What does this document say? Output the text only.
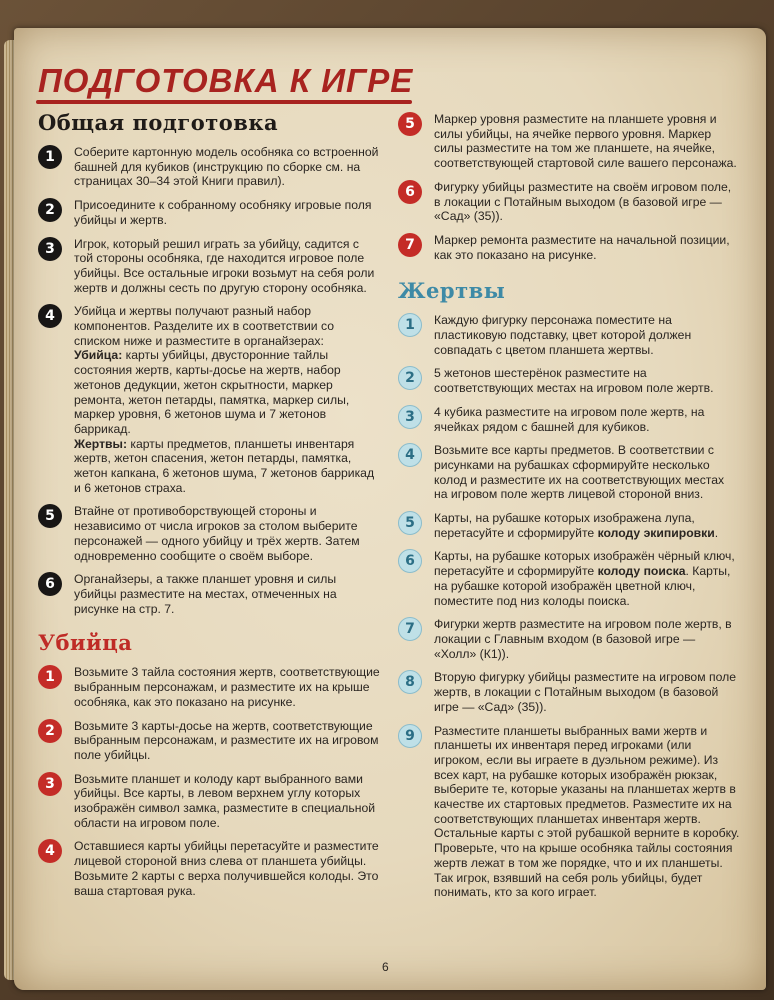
ПОДГОТОВКА К ИГРЕ
Общая подготовка
1	Соберите картонную модель особняка со встроенной башней для кубиков (инструкцию по сборке см. на страницах 30–34 этой Книги правил).

2	Присоедините к собранному особняку игровые поля убийцы и жертв.

3	Игрок, который решил играть за убийцу, садится с той стороны особняка, где находится игровое поле убийцы. Все остальные игроки возьмут на себя роли жертв и должны сесть по другую сторону особняка.

4	Убийца и жертвы получают разный набор компонентов. Разделите их в соответствии со списком ниже и разместите в органайзерах:
Убийца: карты убийцы, двусторонние тайлы состояния жертв, карты-досье на жертв, набор жетонов дедукции, жетон скрытности, маркер ремонта, жетон петарды, памятка, маркер силы, маркер уровня, 6 жетонов шума и 7 жетонов баррикад.
Жертвы: карты предметов, планшеты инвентаря жертв, жетон спасения, жетон петарды, памятка, жетон капкана, 6 жетонов шума, 7 жетонов баррикад и 6 жетонов страха.

5	Втайне от противоборствующей стороны и независимо от числа игроков за столом выберите персонажей — одного убийцу и трёх жертв. Затем одновременно сообщите о своём выборе.

6	Органайзеры, а также планшет уровня и силы убийцы разместите на местах, отмеченных на рисунке на стр. 7.

Убийца
1	Возьмите 3 тайла состояния жертв, соответствующие выбранным персонажам, и разместите их на крыше особняка, как это показано на рисунке.

2	Возьмите 3 карты-досье на жертв, соответствующие выбранным персонажам, и разместите их на игровом поле убийцы.

3	Возьмите планшет и колоду карт выбранного вами убийцы. Все карты, в левом верхнем углу которых изображён символ замка, разместите в специальной области на игровом поле.

4	Оставшиеся карты убийцы перетасуйте и разместите лицевой стороной вниз слева от планшета убийцы. Возьмите 2 карты с верха получившейся колоды. Это ваша стартовая рука.

5	Маркер уровня разместите на планшете уровня и силы убийцы, на ячейке первого уровня. Маркер силы разместите на том же планшете, на ячейке, соответствующей стартовой силе вашего персонажа.

6	Фигурку убийцы разместите на своём игровом поле, в локации с Потайным выходом (в базовой игре — «Сад» (35)).

7	Маркер ремонта разместите на начальной позиции, как это показано на рисунке.

Жертвы
1	Каждую фигурку персонажа поместите на пластиковую подставку, цвет которой должен совпадать с цветом планшета жертвы.

2	5 жетонов шестерёнок разместите на соответствующих местах на игровом поле жертв.

3	4 кубика разместите на игровом поле жертв, на ячейках рядом с башней для кубиков.

4	Возьмите все карты предметов. В соответствии с рисунками на рубашках сформируйте несколько колод и разместите их на соответствующих местах на игровом поле жертв лицевой стороной вниз.

5	Карты, на рубашке которых изображена лупа, перетасуйте и сформируйте колоду экипировки.

6	Карты, на рубашке которых изображён чёрный ключ, перетасуйте и сформируйте колоду поиска. Карты, на рубашке которой изображён цветной ключ, поместите под низ колоды поиска.

7	Фигурки жертв разместите на игровом поле жертв, в локации с Главным входом (в базовой игре — «Холл» (К1)).

8	Вторую фигурку убийцы разместите на игровом поле жертв, в локации с Потайным выходом (в базовой игре — «Сад» (35)).

9	Разместите планшеты выбранных вами жертв и планшеты их инвентаря перед игроками (или игроком, если вы играете в дуэльном режиме). Из всех карт, на рубашке которых изображён рюкзак, выберите те, которые указаны на планшетах жертв в качестве их стартовых предметов. Разместите их на соответствующих планшетах инвентаря жертв. Остальные карты с этой рубашкой верните в коробку. Проверьте, что на крыше особняка тайлы состояния жертв лежат в том же порядке, что и их планшеты. Так игрок, взявший на себя роль убийцы, будет понимать, кто за кого играет.

6
